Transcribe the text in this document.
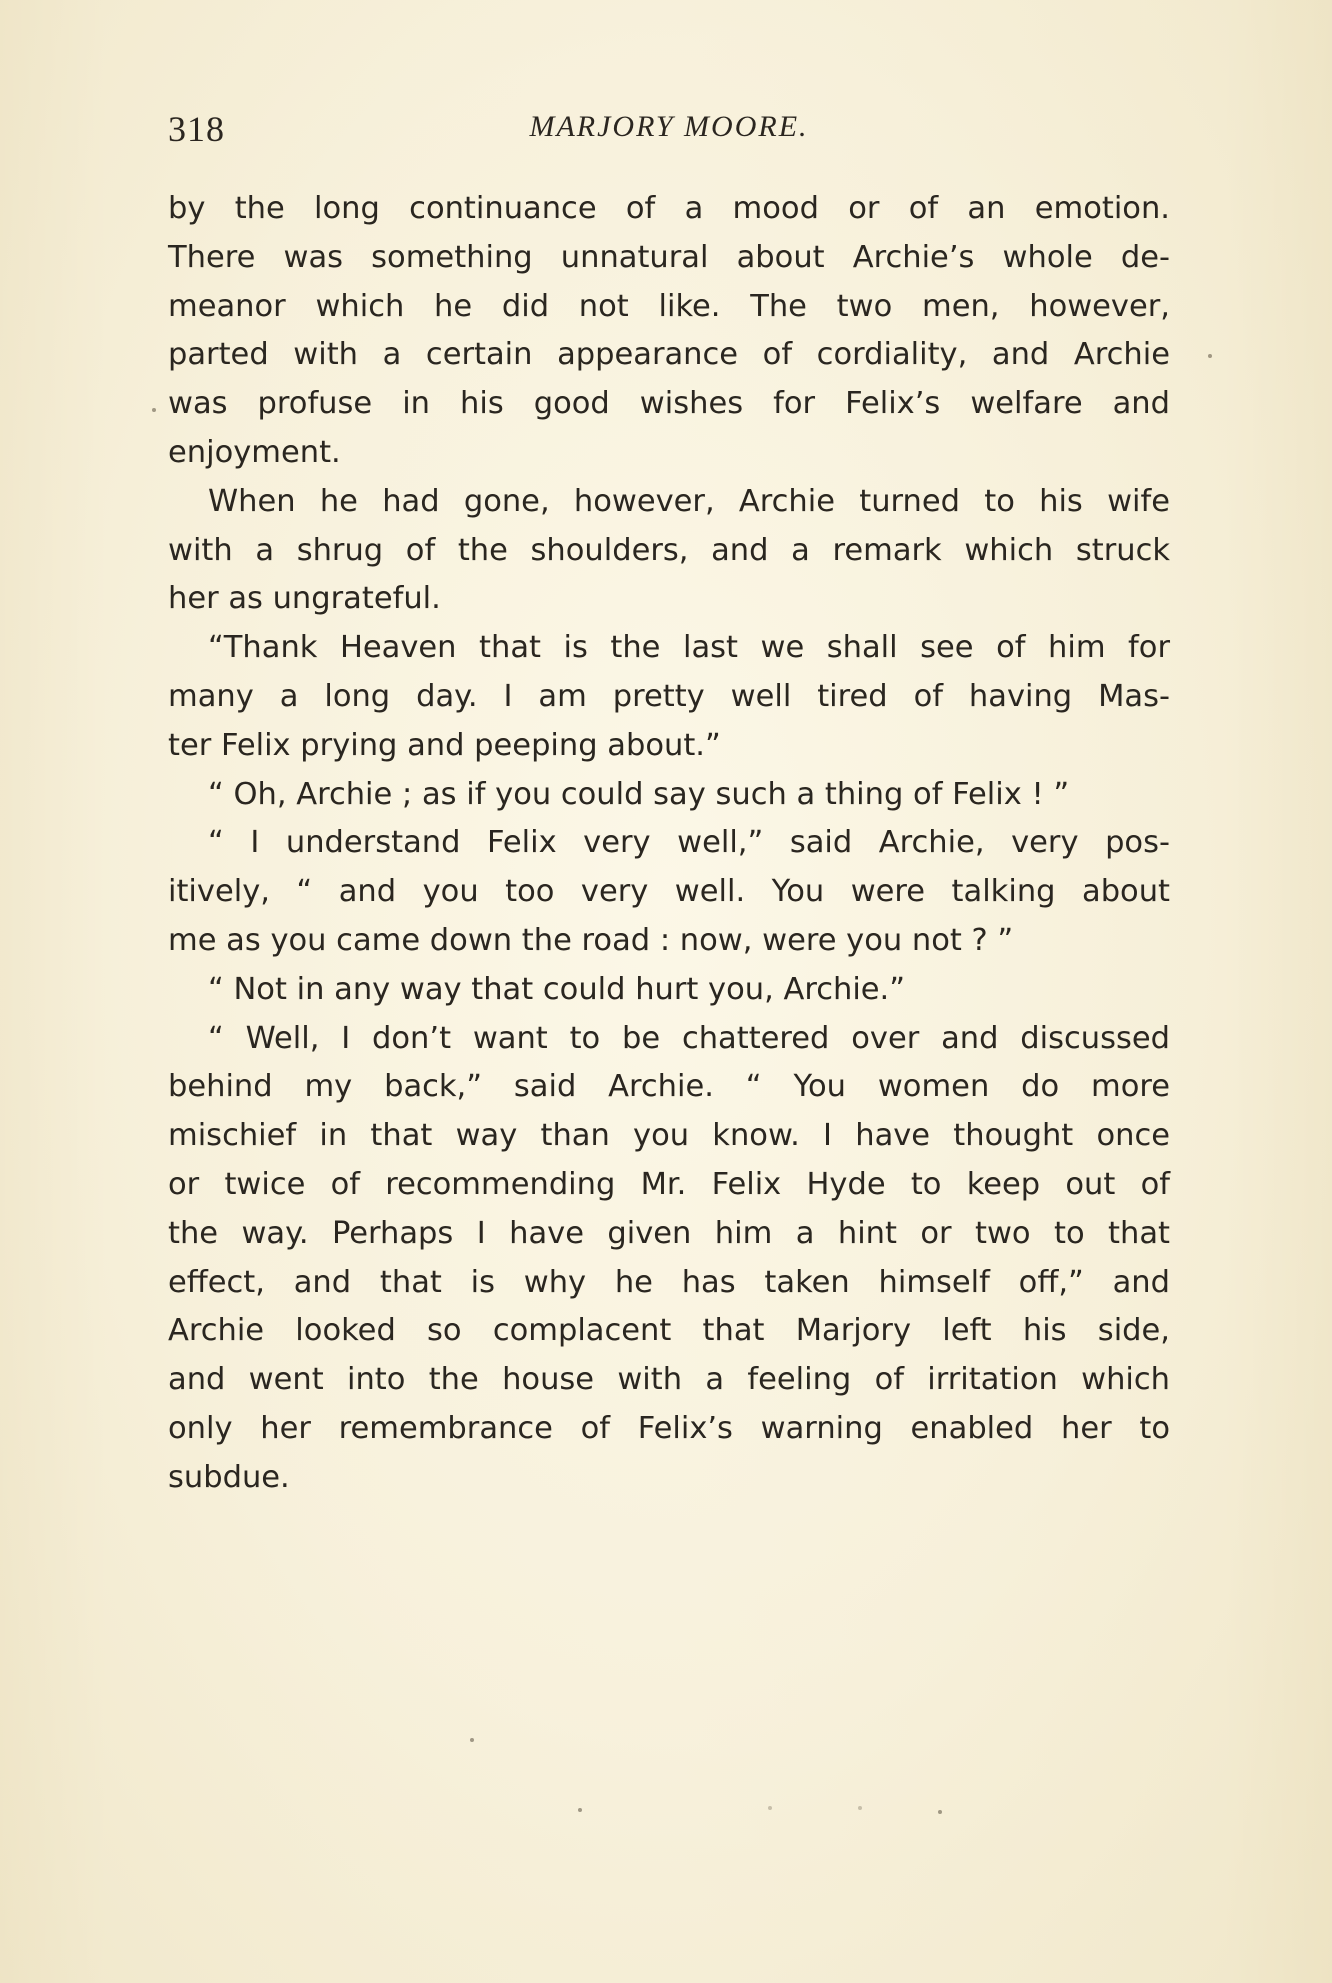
318	MARJORY MOORE.
by the long continuance of a mood or of an emotion.
There was something unnatural about Archie’s whole de-
meanor which he did not like. The two men, however,
parted with a certain appearance of cordiality, and Archie
was profuse in his good wishes for Felix’s welfare and
enjoyment.
When he had gone, however, Archie turned to his wife
with a shrug of the shoulders, and a remark which struck
her as ungrateful.
“Thank Heaven that is the last we shall see of him for
many a long day. I am pretty well tired of having Mas-
ter Felix prying and peeping about.”
“ Oh, Archie ; as if you could say such a thing of Felix ! ”
“ I understand Felix very well,” said Archie, very pos-
itively, “ and you too very well. You were talking about
me as you came down the road : now, were you not ? ”
“ Not in any way that could hurt you, Archie.”
“ Well, I don’t want to be chattered over and discussed
behind my back,” said Archie. “ You women do more
mischief in that way than you know. I have thought once
or twice of recommending Mr. Felix Hyde to keep out of
the way. Perhaps I have given him a hint or two to that
effect, and that is why he has taken himself off,” and
Archie looked so complacent that Marjory left his side,
and went into the house with a feeling of irritation which
only her remembrance of Felix’s warning enabled her to
subdue.
